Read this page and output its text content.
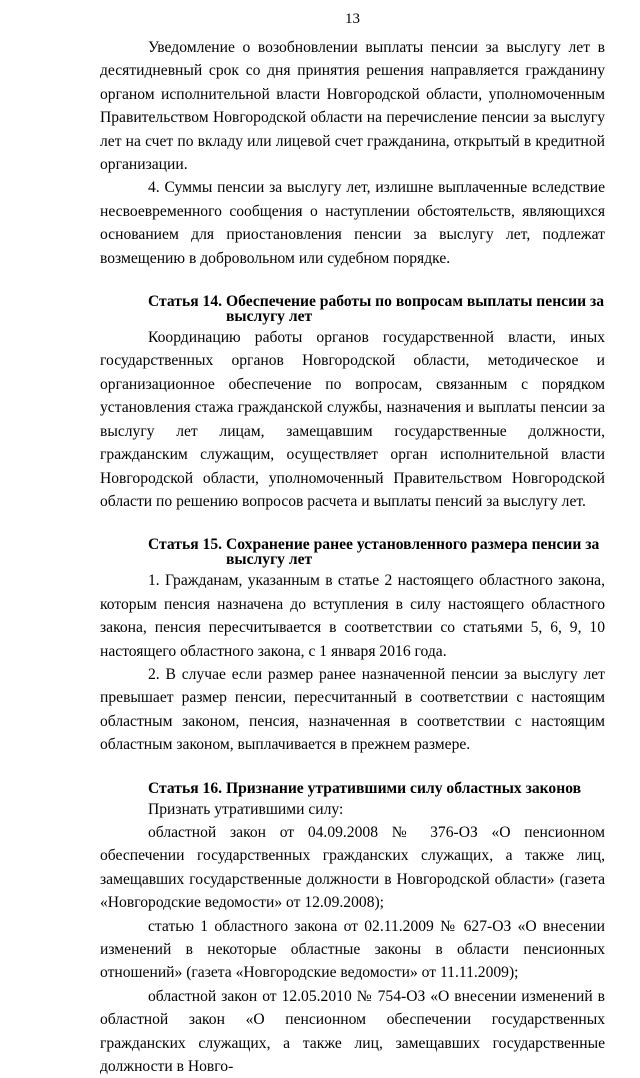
13

Уведомление о возобновлении выплаты пенсии за выслугу лет в десятидневный срок со дня принятия решения направляется гражданину органом исполнительной власти Новгородской области, уполномоченным Правительством Новгородской области на перечисление пенсии за выслугу лет на счет по вкладу или лицевой счет гражданина, открытый в кредитной организации.

4. Суммы пенсии за выслугу лет, излишне выплаченные вследствие несвоевременного сообщения о наступлении обстоятельств, являющихся основанием для приостановления пенсии за выслугу лет, подлежат возмещению в добровольном или судебном порядке.

Статья 14. Обеспечение работы по вопросам выплаты пенсии за выслугу лет

Координацию работы органов государственной власти, иных государственных органов Новгородской области, методическое и организационное обеспечение по вопросам, связанным с порядком установления стажа гражданской службы, назначения и выплаты пенсии за выслугу лет лицам, замещавшим государственные должности, гражданским служащим, осуществляет орган исполнительной власти Новгородской области, уполномоченный Правительством Новгородской области по решению вопросов расчета и выплаты пенсий за выслугу лет.

Статья 15. Сохранение ранее установленного размера пенсии за выслугу лет

1. Гражданам, указанным в статье 2 настоящего областного закона, которым пенсия назначена до вступления в силу настоящего областного закона, пенсия пересчитывается в соответствии со статьями 5, 6, 9, 10 настоящего областного закона, с 1 января 2016 года.

2. В случае если размер ранее назначенной пенсии за выслугу лет превышает размер пенсии, пересчитанный в соответствии с настоящим областным законом, пенсия, назначенная в соответствии с настоящим областным законом, выплачивается в прежнем размере.

Статья 16. Признание утратившими силу областных законов

Признать утратившими силу:

областной закон от 04.09.2008 № 376-ОЗ «О пенсионном обеспечении государственных гражданских служащих, а также лиц, замещавших государственные должности в Новгородской области» (газета «Новгородские ведомости» от 12.09.2008);

статью 1 областного закона от 02.11.2009 № 627-ОЗ «О внесении изменений в некоторые областные законы в области пенсионных отношений» (газета «Новгородские ведомости» от 11.11.2009);

областной закон от 12.05.2010 № 754-ОЗ «О внесении изменений в областной закон «О пенсионном обеспечении государственных гражданских служащих, а также лиц, замещавших государственные должности в Новго-
